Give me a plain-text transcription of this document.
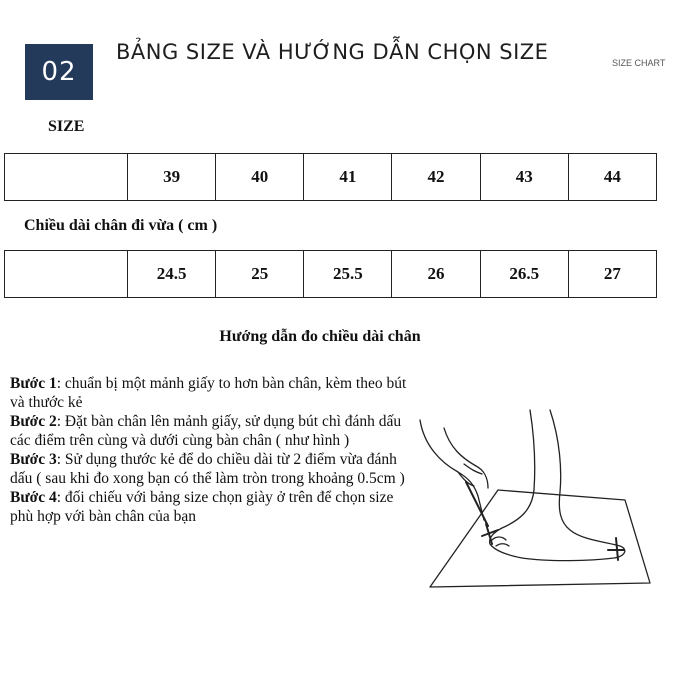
02
BẢNG SIZE VÀ HƯỚNG DẪN CHỌN SIZE	SIZE CHART
SIZE
	39	40	41	42	43	44
Chiều dài chân đi vừa ( cm )
	24.5	25	25.5	26	26.5	27
Hướng dẫn đo chiều dài chân

Bước 1: chuẩn bị một mảnh giấy to hơn bàn chân, kèm theo bút và thước kẻ

Bước 2: Đặt bàn chân lên mảnh giấy, sử dụng bút chì đánh dấu các điểm trên cùng và dưới cùng bàn chân ( như hình )

Bước 3: Sử dụng thước kẻ để do chiều dài từ 2 điểm vừa đánh dấu ( sau khi đo xong bạn có thể làm tròn trong khoảng 0.5cm )

Bước 4: đối chiếu với bảng size chọn giày ở trên để chọn size phù hợp với bàn chân của bạn
